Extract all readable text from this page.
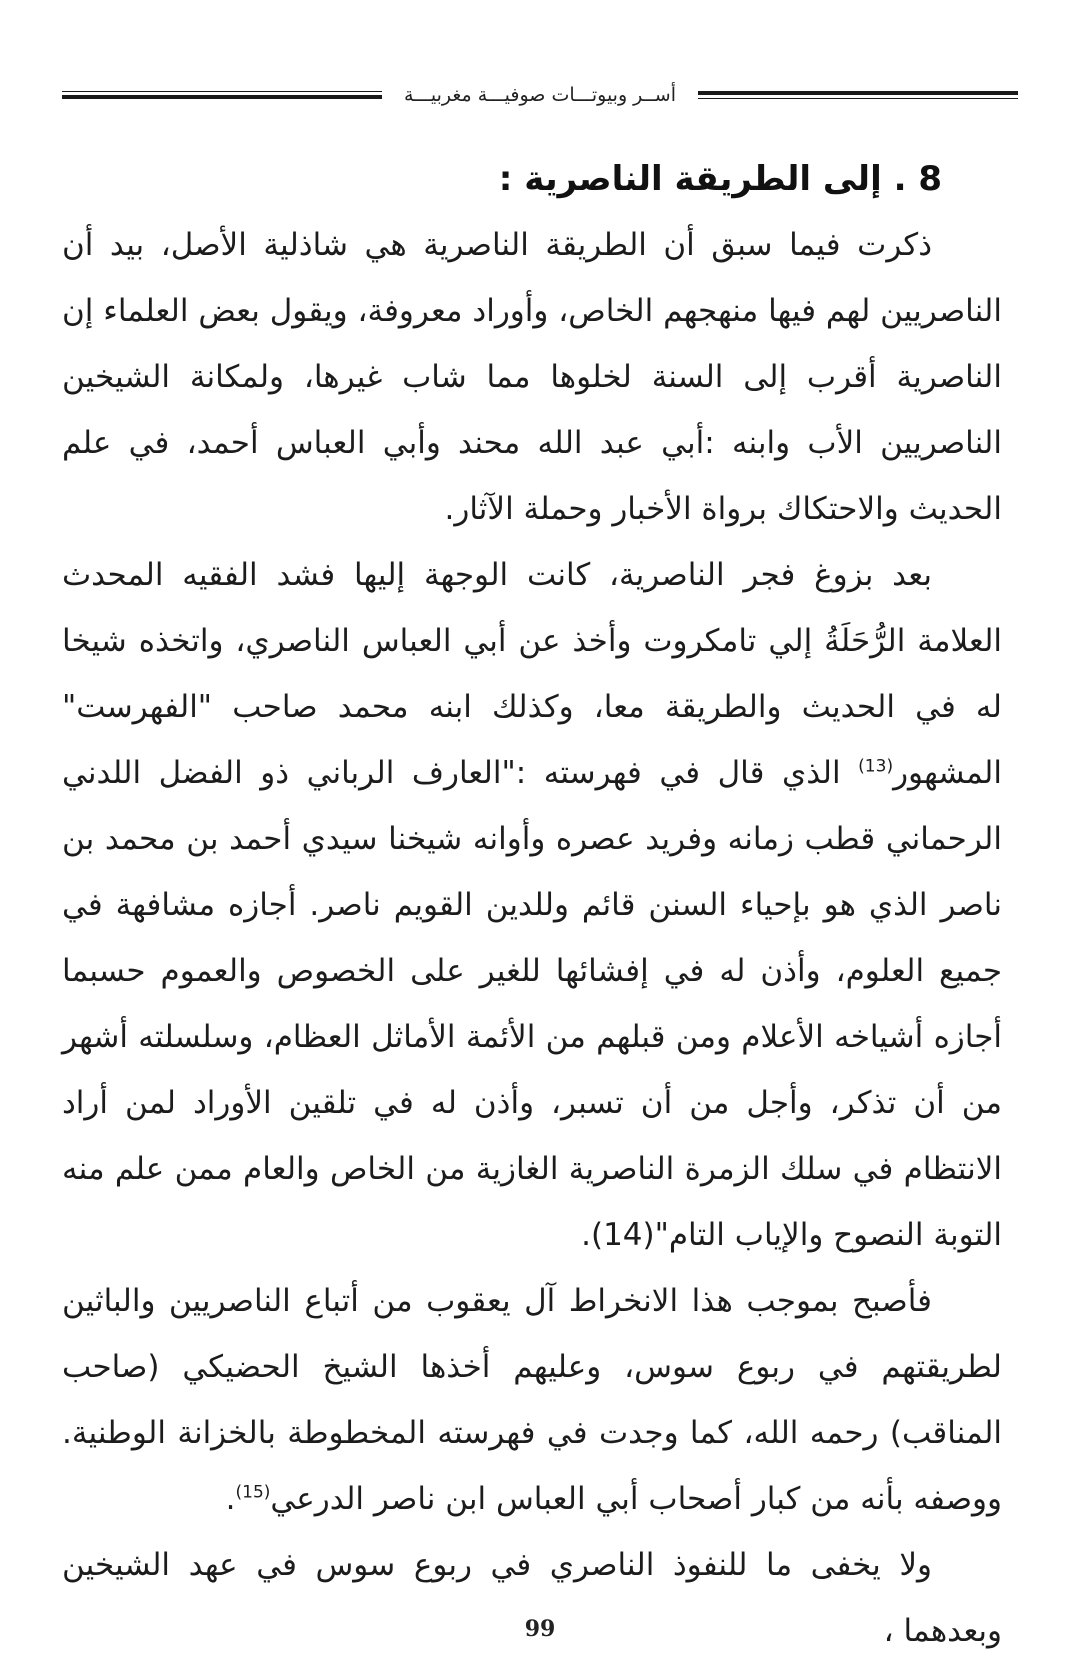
أســر وبيوتـــات صوفيـــة مغربيـــة
8 . إلى الطريقة الناصرية :

ذكرت فيما سبق أن الطريقة الناصرية هي شاذلية الأصل، بيد أن الناصريين لهم فيها منهجهم الخاص، وأوراد معروفة، ويقول بعض العلماء إن الناصرية أقرب إلى السنة لخلوها مما شاب غيرها، ولمكانة الشيخين الناصريين الأب وابنه :أبي عبد الله محند وأبي العباس أحمد، في علم الحديث والاحتكاك برواة الأخبار وحملة الآثار.

بعد بزوغ فجر الناصرية، كانت الوجهة إليها فشد الفقيه المحدث العلامة الرُّحَلَةُ إلي تامكروت وأخذ عن أبي العباس الناصري، واتخذه شيخا له في الحديث والطريقة معا، وكذلك ابنه محمد صاحب "الفهرست" المشهور$^{(13)}$ الذي قال في فهرسته :"العارف الرباني ذو الفضل اللدني الرحماني قطب زمانه وفريد عصره وأوانه شيخنا سيدي أحمد بن محمد بن ناصر الذي هو بإحياء السنن قائم وللدين القويم ناصر. أجازه مشافهة في جميع العلوم، وأذن له في إفشائها للغير على الخصوص والعموم حسبما أجازه أشياخه الأعلام ومن قبلهم من الأئمة الأماثل العظام، وسلسلته أشهر من أن تذكر، وأجل من أن تسبر، وأذن له في تلقين الأوراد لمن أراد الانتظام في سلك الزمرة الناصرية الغازية من الخاص والعام ممن علم منه التوبة النصوح والإياب التام"(14).

فأصبح بموجب هذا الانخراط آل يعقوب من أتباع الناصريين والباثين لطريقتهم في ربوع سوس، وعليهم أخذها الشيخ الحضيكي (صاحب المناقب) رحمه الله، كما وجدت في فهرسته المخطوطة بالخزانة الوطنية. ووصفه بأنه من كبار أصحاب أبي العباس ابن ناصر الدرعي$^{(15)}$.

ولا يخفى ما للنفوذ الناصري في ربوع سوس في عهد الشيخين وبعدهما ،

99
